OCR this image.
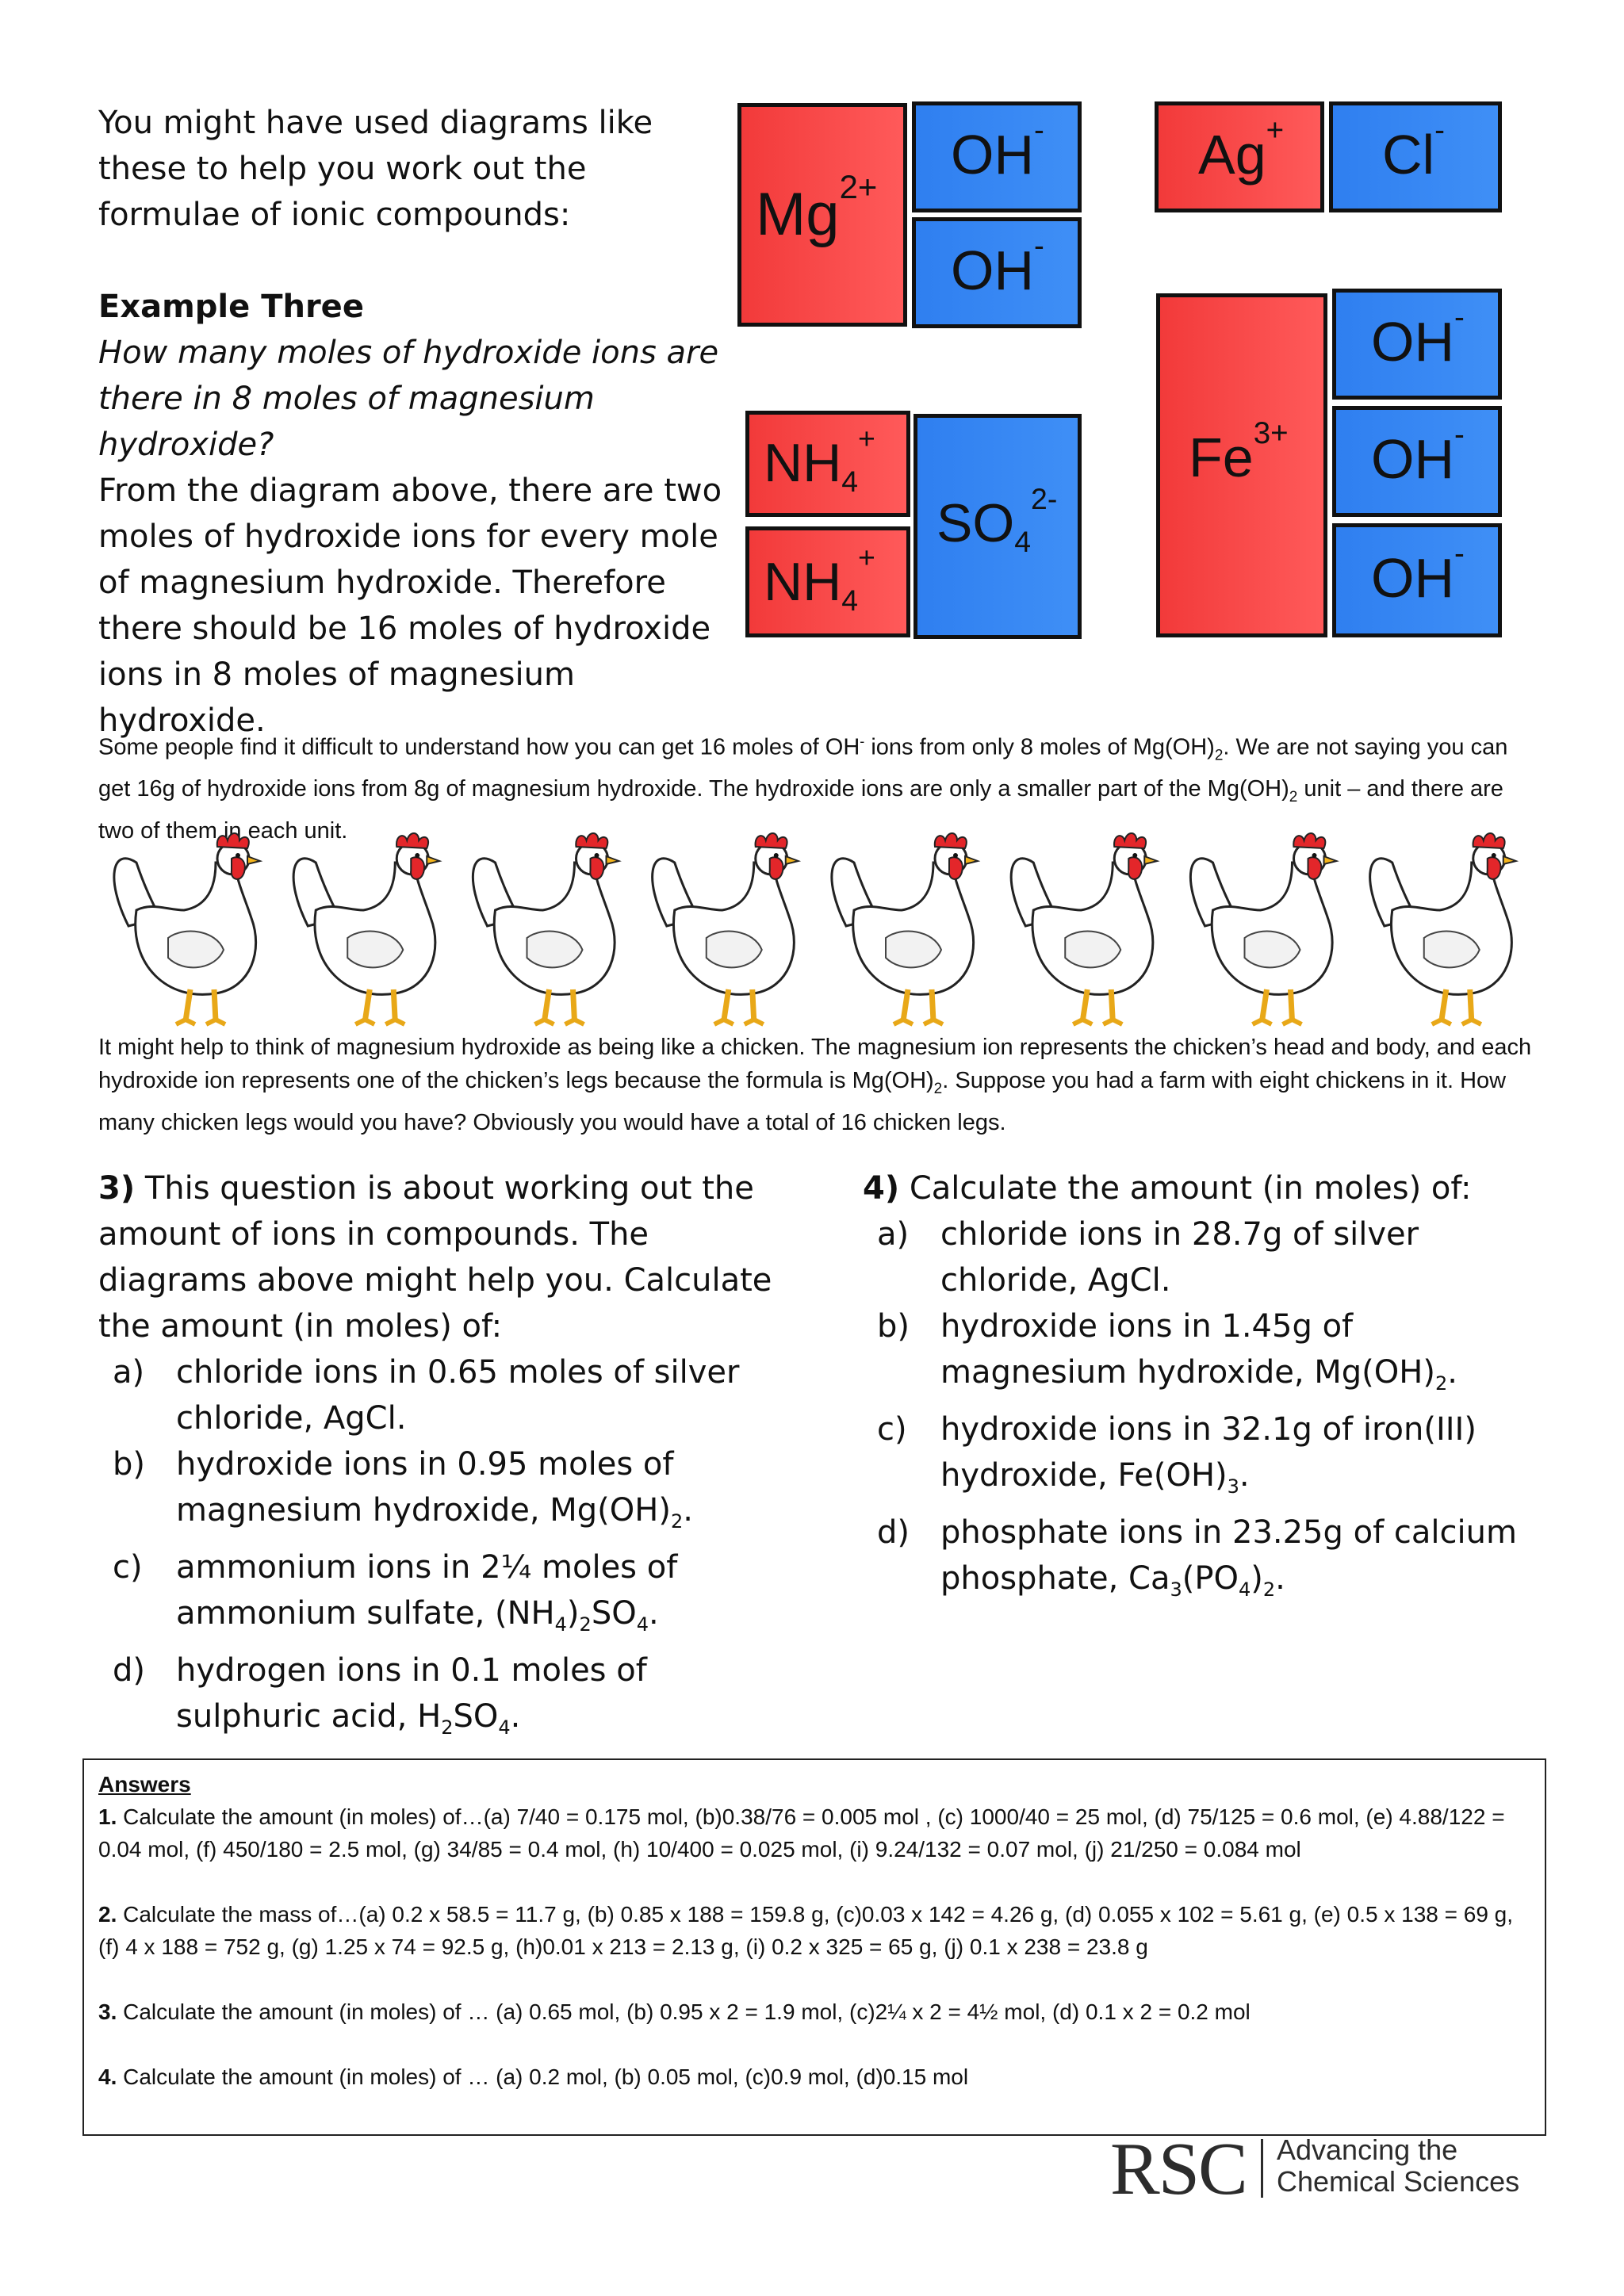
You might have used diagrams like these to help you work out the formulae of ionic compounds:

Example Three

How many moles of hydroxide ions are there in 8 moles of magnesium hydroxide?

From the diagram above, there are two moles of hydroxide ions for every mole of magnesium hydroxide. Therefore there should be 16 moles of hydroxide ions in 8 moles of magnesium hydroxide.

$Mg^{2+}$
OH-
OH-
Ag+ Cl-
$NH_4^+$
$NH_4^+$
$SO_4^{2-}$
$Fe^{3+}$
OH-
OH-
OH-

Some people find it difficult to understand how you can get 16 moles of OH- ions from only 8 moles of $Mg(OH)_2$. We are not saying you can get 16g of hydroxide ions from 8g of magnesium hydroxide. The hydroxide ions are only a smaller part of the $Mg(OH)_2$ unit – and there are two of them in each unit.

It might help to think of magnesium hydroxide as being like a chicken. The magnesium ion represents the chicken’s head and body, and each hydroxide ion represents one of the chicken’s legs because the formula is $Mg(OH)_2$. Suppose you had a farm with eight chickens in it. How many chicken legs would you have? Obviously you would have a total of 16 chicken legs.

3) This question is about working out the amount of ions in compounds. The diagrams above might help you. Calculate the amount (in moles) of:

a) chloride ions in 0.65 moles of silver chloride, AgCl.
b) hydroxide ions in 0.95 moles of magnesium hydroxide, $Mg(OH)_2$.
c)	ammonium ions in 2¼ moles of ammonium sulfate, $(NH_4)_2SO_4$.
d) hydrogen ions in 0.1 moles of sulphuric acid, $H_2SO_4$.

4) Calculate the amount (in moles) of:

a) chloride ions in 28.7g of silver chloride, AgCl.
b) hydroxide ions in 1.45g of magnesium hydroxide, $Mg(OH)_2$.
c)	hydroxide ions in 32.1g of iron(III) hydroxide, $Fe(OH)_3$.
d) phosphate ions in 23.25g of calcium phosphate, $Ca_3(PO_4)_2$.

Answers

1. Calculate the amount (in moles) of…(a) 7/40 = 0.175 mol, (b)0.38/76 = 0.005 mol , (c) 1000/40 = 25 mol, (d) 75/125 = 0.6 mol, (e) 4.88/122 = 0.04 mol, (f) 450/180 = 2.5 mol, (g) 34/85 = 0.4 mol, (h) 10/400 = 0.025 mol, (i) 9.24/132 = 0.07 mol, (j) 21/250 = 0.084 mol

2. Calculate the mass of…(a) 0.2 x 58.5 = 11.7 g, (b) 0.85 x 188 = 159.8 g, (c)0.03 x 142 = 4.26 g, (d) 0.055 x 102 = 5.61 g, (e) 0.5 x 138 = 69 g, (f) 4 x 188 = 752 g, (g) 1.25 x 74 = 92.5 g, (h)0.01 x 213 = 2.13 g, (i) 0.2 x 325 = 65 g, (j) 0.1 x 238 = 23.8 g

3. Calculate the amount (in moles) of … (a) 0.65 mol, (b) 0.95 x 2 = 1.9 mol, (c)2¼ x 2 = 4½ mol, (d) 0.1 x 2 = 0.2 mol

4. Calculate the amount (in moles) of … (a) 0.2 mol, (b) 0.05 mol, (c)0.9 mol, (d)0.15 mol

RSC Advancing the
Chemical Sciences
